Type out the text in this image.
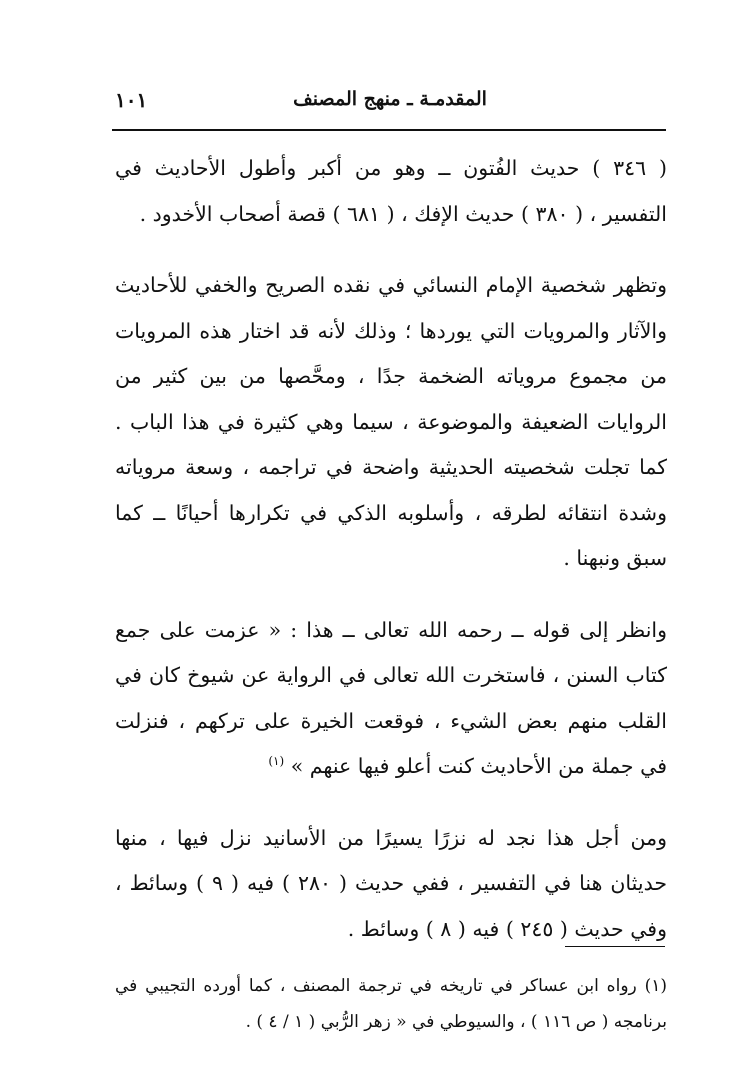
المقدمـة ـ منهج المصنف
١٠١

( ٣٤٦ ) حديث الفُتون ــ وهو من أكبر وأطول الأحاديث في التفسير ، ( ٣٨٠ ) حديث الإفك ، ( ٦٨١ ) قصة أصحاب الأخدود .

وتظهر شخصية الإمام النسائي في نقده الصريح والخفي للأحاديث والآثار والمرويات التي يوردها ؛ وذلك لأنه قد اختار هذه المرويات من مجموع مروياته الضخمة جدًا ، ومحَّصها من بين كثير من الروايات الضعيفة والموضوعة ، سيما وهي كثيرة في هذا الباب . كما تجلت شخصيته الحديثية واضحة في تراجمه ، وسعة مروياته وشدة انتقائه لطرقه ، وأسلوبه الذكي في تكرارها أحيانًا ــ كما سبق ونبهنا .

وانظر إلى قوله ــ رحمه الله تعالى ــ هذا : « عزمت على جمع كتاب السنن ، فاستخرت الله تعالى في الرواية عن شيوخ كان في القلب منهم بعض الشيء ، فوقعت الخيرة على تركهم ، فنزلت في جملة من الأحاديث كنت أعلو فيها عنهم » $^{(١)}$

ومن أجل هذا نجد له نزرًا يسيرًا من الأسانيد نزل فيها ، منها حديثان هنا في التفسير ، ففي حديث ( ٢٨٠ ) فيه ( ٩ ) وسائط ، وفي حديث ( ٢٤٥ ) فيه ( ٨ ) وسائط .

(١) رواه ابن عساكر في تاريخه في ترجمة المصنف ، كما أورده التجيبي في برنامجه ( ص ١١٦ ) ، والسيوطي في « زهر الرُّبي ( ١ / ٤ ) .
